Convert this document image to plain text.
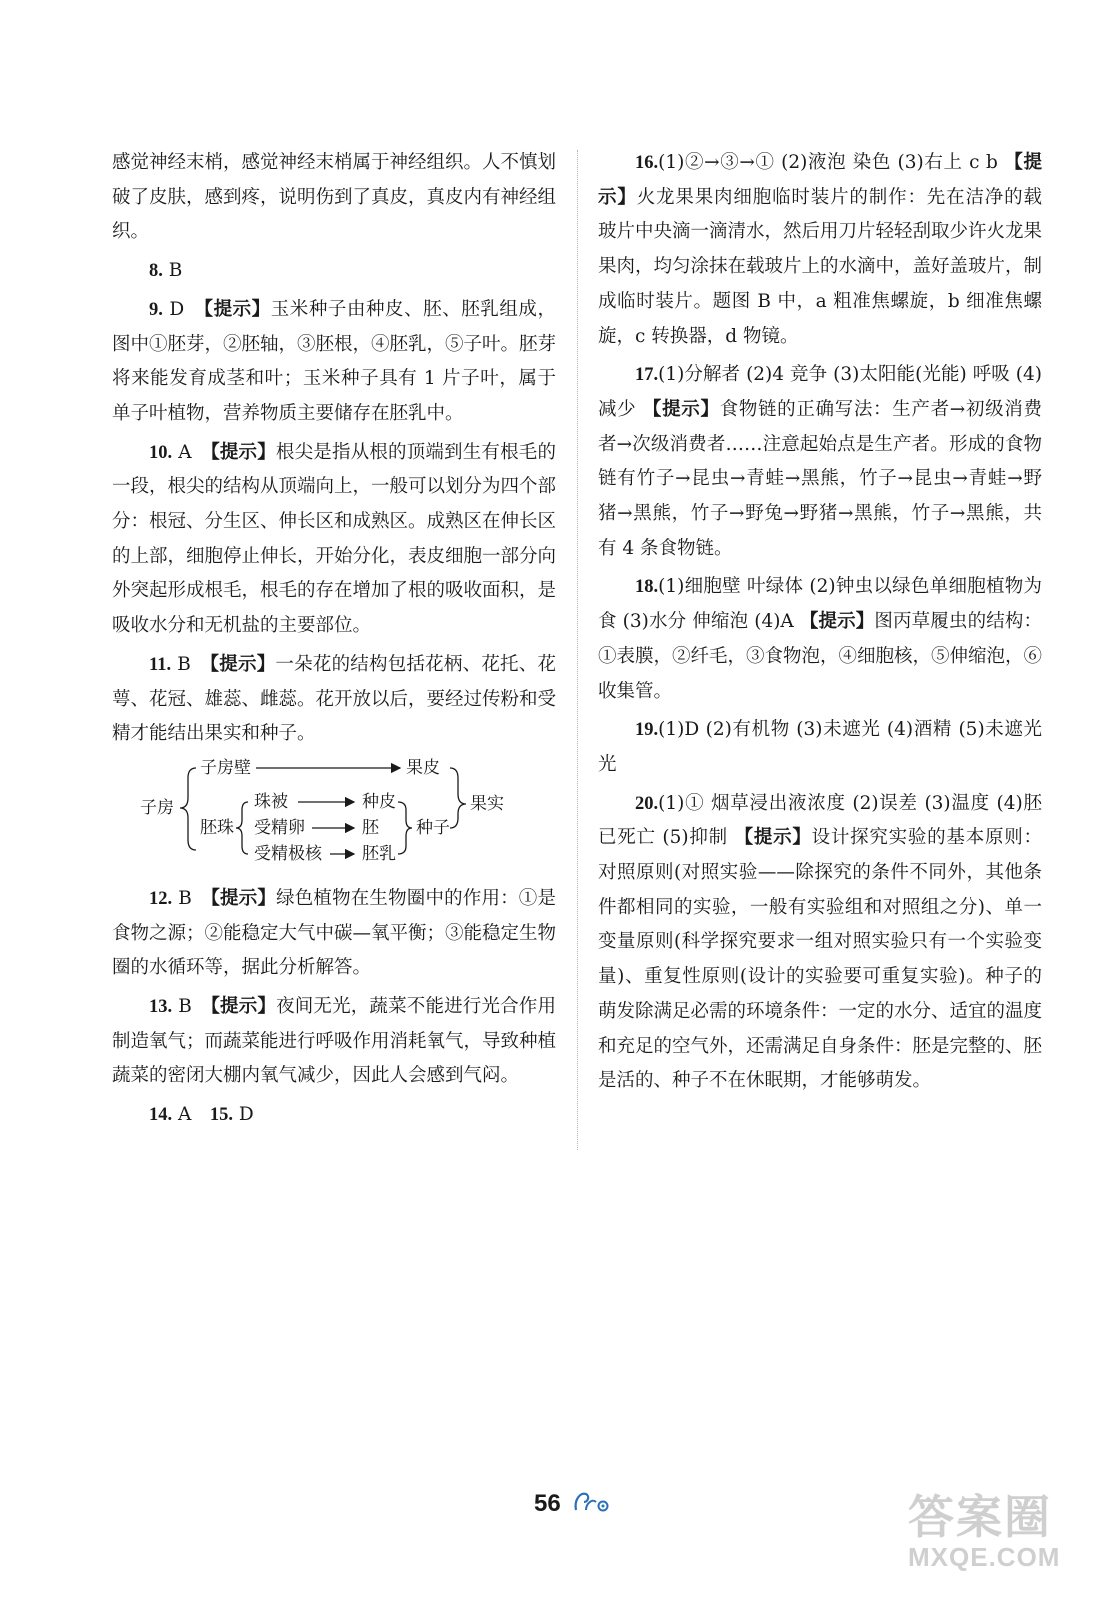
感觉神经末梢，感觉神经末梢属于神经组织。人不慎划破了皮肤，感到疼，说明伤到了真皮，真皮内有神经组织。

8. B

9. D　 【提示】玉米种子由种皮、胚、胚乳组成，图中①胚芽，②胚轴，③胚根，④胚乳，⑤子叶。胚芽将来能发育成茎和叶；玉米种子具有 1 片子叶，属于单子叶植物，营养物质主要储存在胚乳中。

10. A　 【提示】根尖是指从根的顶端到生有根毛的一段，根尖的结构从顶端向上，一般可以划分为四个部分：根冠、分生区、伸长区和成熟区。成熟区在伸长区的上部，细胞停止伸长，开始分化，表皮细胞一部分向外突起形成根毛，根毛的存在增加了根的吸收面积，是吸收水分和无机盐的主要部位。

11. B　 【提示】一朵花的结构包括花柄、花托、花萼、花冠、雄蕊、雌蕊。花开放以后，要经过传粉和受精才能结出果实和种子。

子房
子房壁	果皮
果实
胚珠
珠被	种皮
受精卵	胚 种子
受精极核 胚乳

12. B　 【提示】绿色植物在生物圈中的作用：①是食物之源；②能稳定大气中碳—氧平衡；③能稳定生物圈的水循环等，据此分析解答。

13. B　 【提示】夜间无光，蔬菜不能进行光合作用制造氧气；而蔬菜能进行呼吸作用消耗氧气，导致种植蔬菜的密闭大棚内氧气减少，因此人会感到气闷。

14. A　 15. D

16.(1)②→③→① (2)液泡 染色 (3)右上 c b 【提示】火龙果果肉细胞临时装片的制作：先在洁净的载玻片中央滴一滴清水，然后用刀片轻轻刮取少许火龙果果肉，均匀涂抹在载玻片上的水滴中，盖好盖玻片，制成临时装片。题图 B 中，a 粗准焦螺旋，b 细准焦螺旋，c 转换器，d 物镜。

17.(1)分解者 (2)4 竞争 (3)太阳能(光能) 呼吸 (4)减少 【提示】食物链的正确写法：生产者→初级消费者→次级消费者……注意起始点是生产者。形成的食物链有竹子→昆虫→青蛙→黑熊，竹子→昆虫→青蛙→野猪→黑熊，竹子→野兔→野猪→黑熊，竹子→黑熊，共有 4 条食物链。

18.(1)细胞壁 叶绿体 (2)钟虫以绿色单细胞植物为食 (3)水分 伸缩泡 (4)A 【提示】图丙草履虫的结构：①表膜，②纤毛，③食物泡，④细胞核，⑤伸缩泡，⑥收集管。

19.(1)D (2)有机物 (3)未遮光 (4)酒精 (5)未遮光 光

20.(1)① 烟草浸出液浓度 (2)误差 (3)温度 (4)胚已死亡 (5)抑制 【提示】设计探究实验的基本原则：对照原则(对照实验——除探究的条件不同外，其他条件都相同的实验，一般有实验组和对照组之分)、单一变量原则(科学探究要求一组对照实验只有一个实验变量)、重复性原则(设计的实验要可重复实验)。种子的萌发除满足必需的环境条件：一定的水分、适宜的温度和充足的空气外，还需满足自身条件：胚是完整的、胚是活的、种子不在休眠期，才能够萌发。

56	答案圈
MXQE.COM
